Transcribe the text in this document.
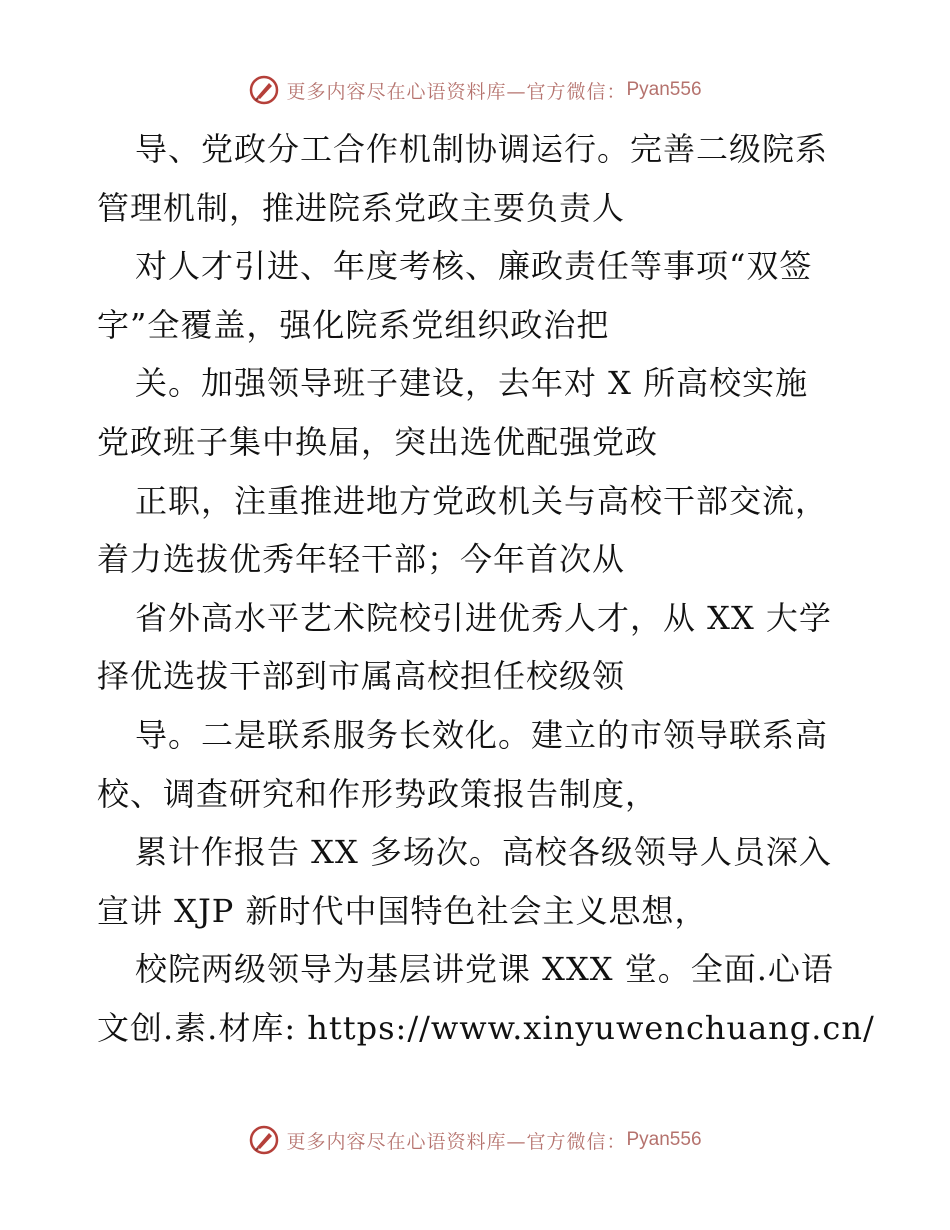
更多内容尽在心语资料库—官方微信： Pyan556
导、党政分工合作机制协调运行。完善二级院系
管理机制，推进院系党政主要负责人
对人才引进、年度考核、廉政责任等事项“双签
字”全覆盖，强化院系党组织政治把
关。加强领导班子建设，去年对 X 所高校实施
党政班子集中换届，突出选优配强党政
正职，注重推进地方党政机关与高校干部交流，
着力选拔优秀年轻干部；今年首次从
省外高水平艺术院校引进优秀人才，从 XX 大学
择优选拔干部到市属高校担任校级领
导。二是联系服务长效化。建立的市领导联系高
校、调查研究和作形势政策报告制度，
累计作报告 XX 多场次。高校各级领导人员深入
宣讲 XJP 新时代中国特色社会主义思想，
校院两级领导为基层讲党课 XXX 堂。全面.心语
文创.素.材库: https://www.xinyuwenchuang.cn/
更多内容尽在心语资料库—官方微信： Pyan556
